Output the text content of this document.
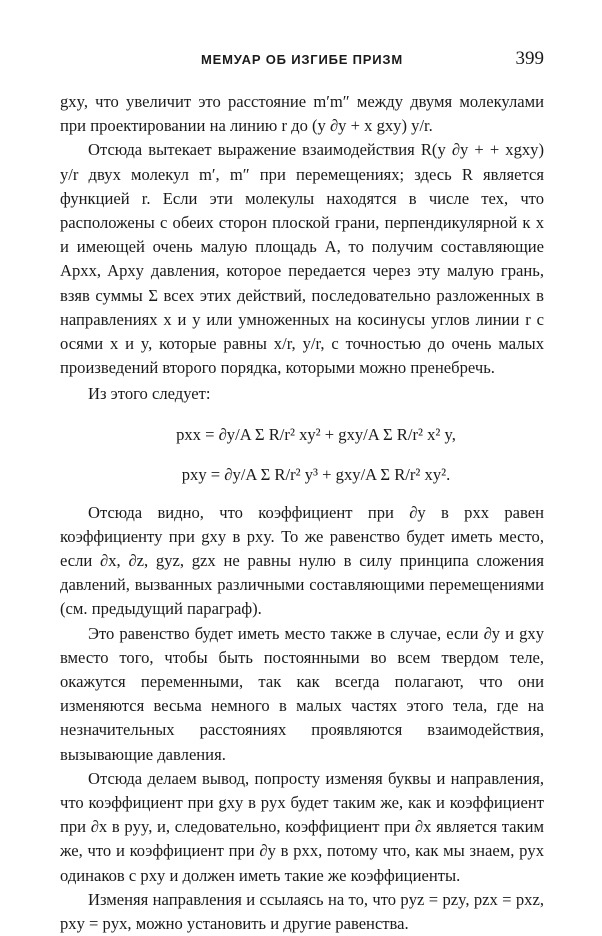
МЕМУАР ОБ ИЗГИБЕ ПРИЗМ	399

gxy, что увеличит это расстояние m′m″ между двумя молекулами при проектировании на линию r до (y ∂y + x gxy) y/r.

Отсюда вытекает выражение взаимодействия R(y ∂y + + xgxy) y/r двух молекул m′, m″ при перемещениях; здесь R является функцией r. Если эти молекулы находятся в числе тех, что расположены с обеих сторон плоской грани, перпендикулярной к x и имеющей очень малую площадь A, то получим составляющие Apxx, Apxy давления, которое передается через эту малую грань, взяв суммы Σ всех этих действий, последовательно разложенных в направлениях x и y или умноженных на косинусы углов линии r с осями x и y, которые равны x/r, y/r, с точностью до очень малых произведений второго порядка, которыми можно пренебречь.

Из этого следует:

pxx = ∂y/A Σ R/r² xy² + gxy/A Σ R/r² x² y,
pxy = ∂y/A Σ R/r² y³ + gxy/A Σ R/r² xy².

Отсюда видно, что коэффициент при ∂y в pxx равен коэффициенту при gxy в pxy. То же равенство будет иметь место, если ∂x, ∂z, gyz, gzx не равны нулю в силу принципа сложения давлений, вызванных различными составляющими перемещениями (см. предыдущий параграф).

Это равенство будет иметь место также в случае, если ∂y и gxy вместо того, чтобы быть постоянными во всем твердом теле, окажутся переменными, так как всегда полагают, что они изменяются весьма немного в малых частях этого тела, где на незначительных расстояниях проявляются взаимодействия, вызывающие давления.

Отсюда делаем вывод, попросту изменяя буквы и направления, что коэффициент при gxy в pyx будет таким же, как и коэффициент при ∂x в pyy, и, следовательно, коэффициент при ∂x является таким же, что и коэффициент при ∂y в pxx, потому что, как мы знаем, pyx одинаков с pxy и должен иметь такие же коэффициенты.

Изменяя направления и ссылаясь на то, что pyz = pzy, pzx = pxz, pxy = pyx, можно установить и другие равенства.
